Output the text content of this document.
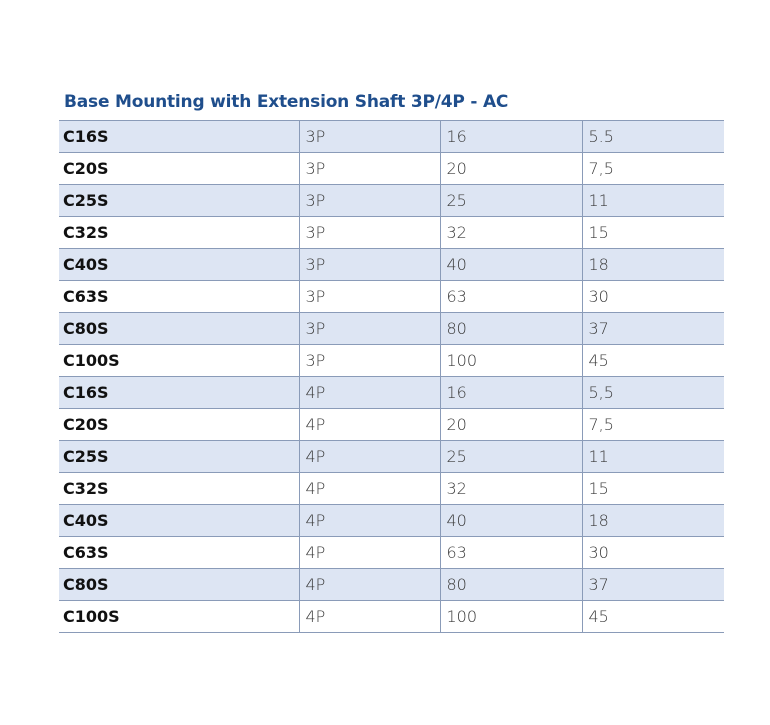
Base Mounting with Extension Shaft 3P/4P - AC
C16S	3P	16	5.5
C20S	3P	20	7,5
C25S	3P	25	11
C32S	3P	32	15
C40S	3P	40	18
C63S	3P	63	30
C80S	3P	80	37
C100S	3P	100	45
C16S	4P	16	5,5
C20S	4P	20	7,5
C25S	4P	25	11
C32S	4P	32	15
C40S	4P	40	18
C63S	4P	63	30
C80S	4P	80	37
C100S	4P	100	45
